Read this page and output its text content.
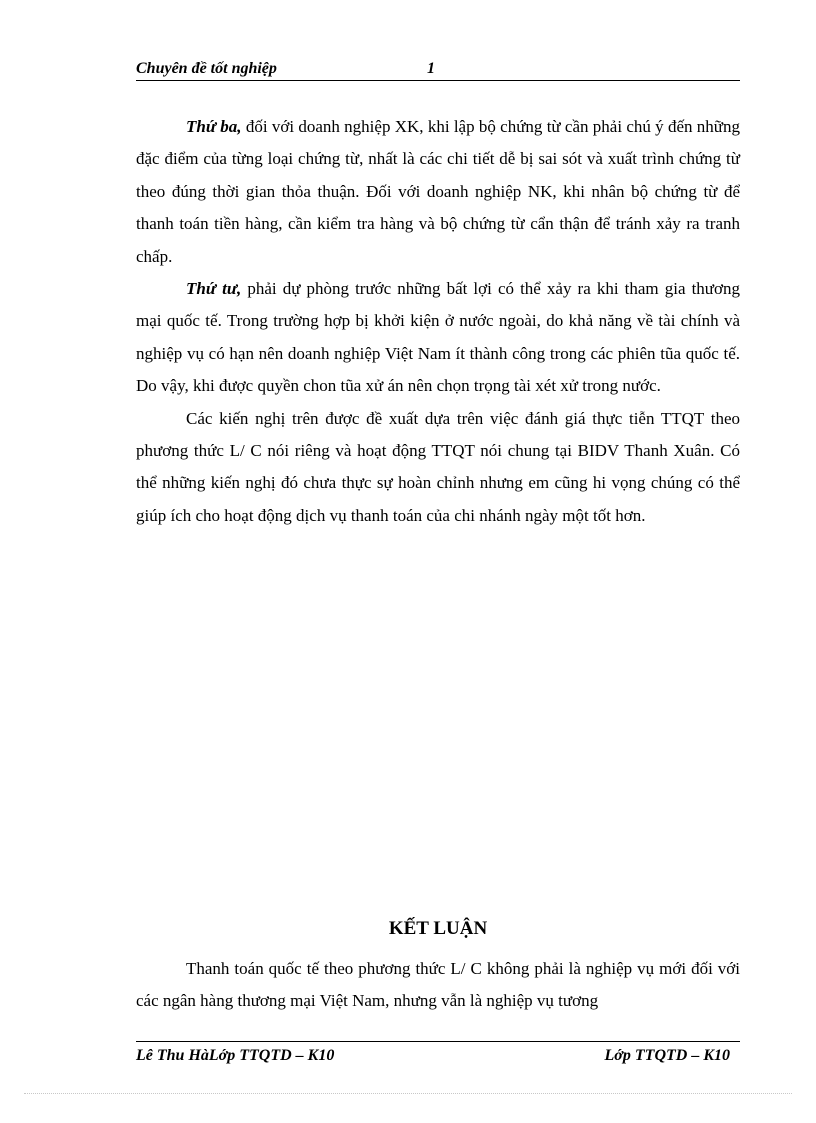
Chuyên đề tốt nghiệp	1

Thứ ba, đối với doanh nghiệp XK, khi lập bộ chứng từ cần phải chú ý đến những đặc điểm của từng loại chứng từ, nhất là các chi tiết dễ bị sai sót và xuất trình chứng từ theo đúng thời gian thỏa thuận. Đối với doanh nghiệp NK, khi nhân bộ chứng từ để thanh toán tiền hàng, cần kiểm tra hàng và bộ chứng từ cẩn thận để tránh xảy ra tranh chấp.

Thứ tư, phải dự phòng trước những bất lợi có thể xảy ra khi tham gia thương mại quốc tế. Trong trường hợp bị khởi kiện ở nước ngoài, do khả năng về tài chính và nghiệp vụ có hạn nên doanh nghiệp Việt Nam ít thành công trong các phiên tũa quốc tế. Do vậy, khi được quyền chon tũa xử án nên chọn trọng tài xét xử trong nước.

Các kiến nghị trên được đề xuất dựa trên việc đánh giá thực tiễn TTQT theo phương thức L/ C nói riêng và hoạt động TTQT nói chung tại BIDV Thanh Xuân. Có thể những kiến nghị đó chưa thực sự hoàn chỉnh nhưng em cũng hi vọng chúng có thể giúp ích cho hoạt động dịch vụ thanh toán của chi nhánh ngày một tốt hơn.

KẾT LUẬN

Thanh toán quốc tế theo phương thức L/ C không phải là nghiệp vụ mới đối với các ngân hàng thương mại Việt Nam, nhưng vẫn là nghiệp vụ tương

Lê Thu HàLớp TTQTD – K10	Lớp TTQTD – K10
